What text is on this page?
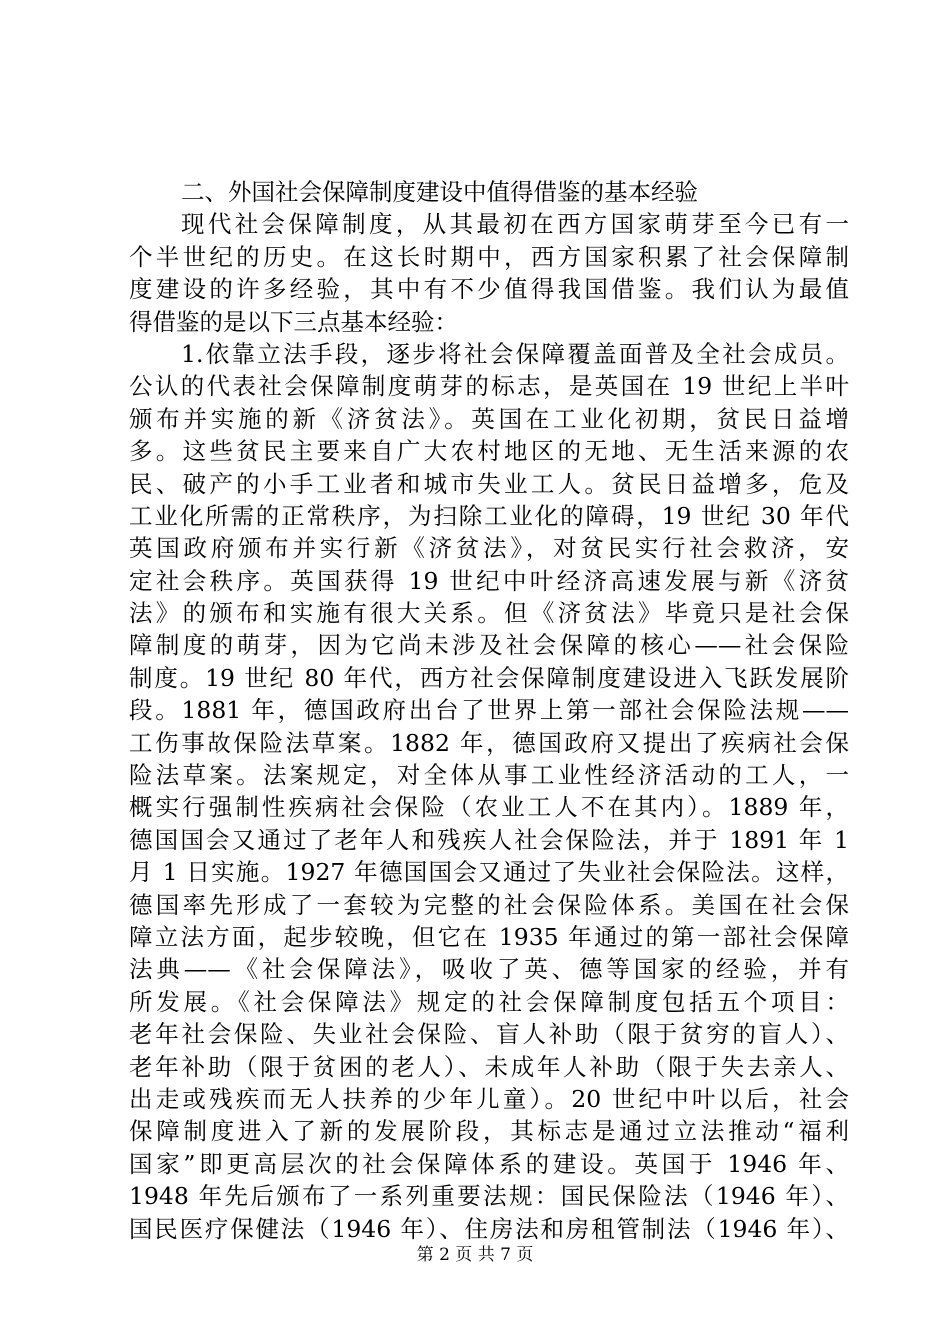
二、外国社会保障制度建设中值得借鉴的基本经验
现代社会保障制度，从其最初在西方国家萌芽至今已有一
个半世纪的历史。在这长时期中，西方国家积累了社会保障制
度建设的许多经验，其中有不少值得我国借鉴。我们认为最值
得借鉴的是以下三点基本经验：
1.依靠立法手段，逐步将社会保障覆盖面普及全社会成员。
公认的代表社会保障制度萌芽的标志，是英国在 19 世纪上半叶
颁布并实施的新《济贫法》。英国在工业化初期，贫民日益增
多。这些贫民主要来自广大农村地区的无地、无生活来源的农
民、破产的小手工业者和城市失业工人。贫民日益增多，危及
工业化所需的正常秩序，为扫除工业化的障碍，19 世纪 30 年代
英国政府颁布并实行新《济贫法》，对贫民实行社会救济，安
定社会秩序。英国获得 19 世纪中叶经济高速发展与新《济贫
法》的颁布和实施有很大关系。但《济贫法》毕竟只是社会保
障制度的萌芽，因为它尚未涉及社会保障的核心——社会保险
制度。19 世纪 80 年代，西方社会保障制度建设进入飞跃发展阶
段。1881 年，德国政府出台了世界上第一部社会保险法规——
工伤事故保险法草案。1882 年，德国政府又提出了疾病社会保
险法草案。法案规定，对全体从事工业性经济活动的工人，一
概实行强制性疾病社会保险（农业工人不在其内）。1889 年，
德国国会又通过了老年人和残疾人社会保险法，并于 1891 年 1
月 1 日实施。1927 年德国国会又通过了失业社会保险法。这样，
德国率先形成了一套较为完整的社会保险体系。美国在社会保
障立法方面，起步较晚，但它在 1935 年通过的第一部社会保障
法典——《社会保障法》，吸收了英、德等国家的经验，并有
所发展。《社会保障法》规定的社会保障制度包括五个项目：
老年社会保险、失业社会保险、盲人补助（限于贫穷的盲人）、
老年补助（限于贫困的老人）、未成年人补助（限于失去亲人、
出走或残疾而无人扶养的少年儿童）。20 世纪中叶以后，社会
保障制度进入了新的发展阶段，其标志是通过立法推动“福利
国家”即更高层次的社会保障体系的建设。英国于 1946 年、
1948 年先后颁布了一系列重要法规：国民保险法（1946 年）、
国民医疗保健法（1946 年）、住房法和房租管制法（1946 年）、
第 2 页 共 7 页
